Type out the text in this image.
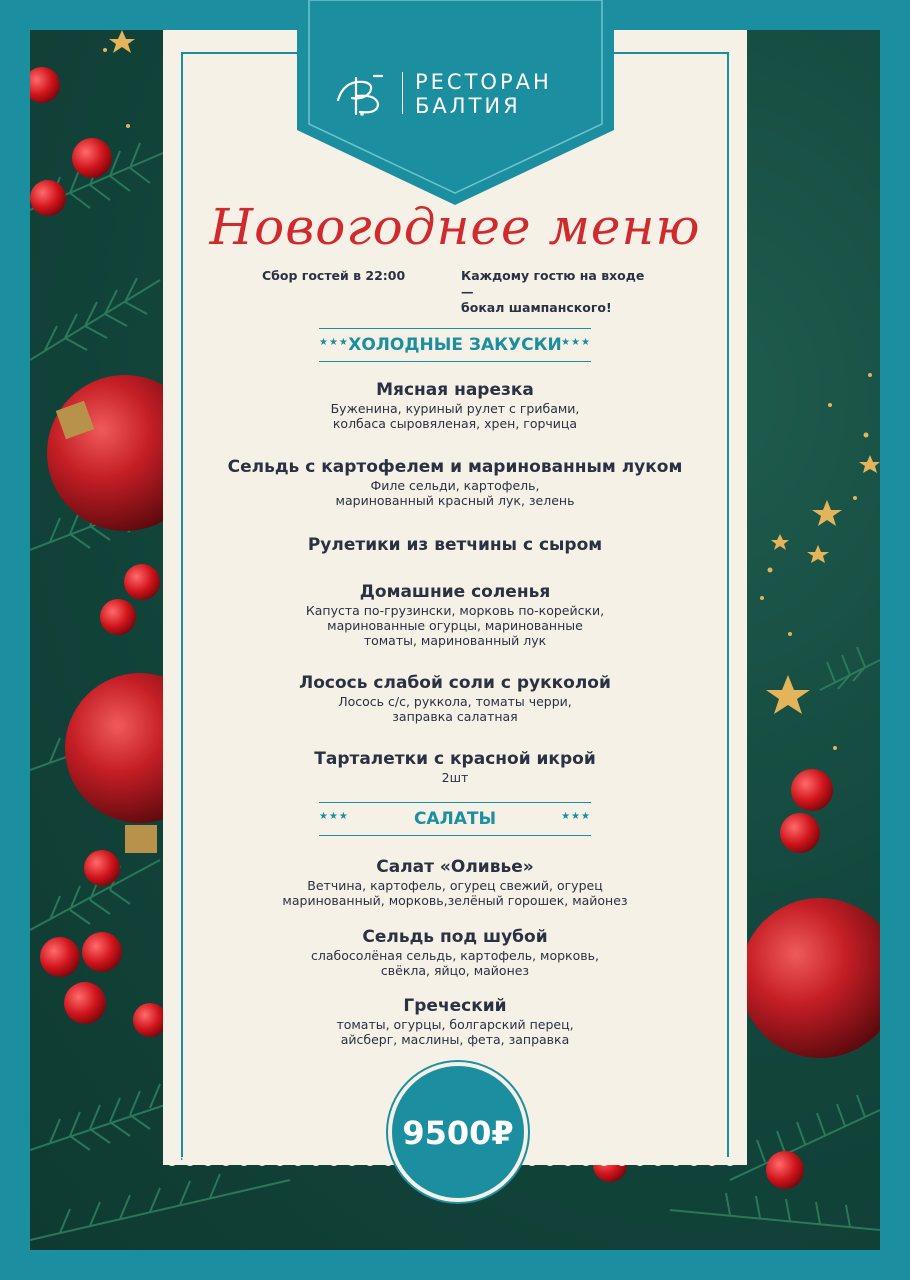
РЕСТОРАН
БАЛТИЯ
Новогоднее меню
Сбор гостей в 22:00	Каждому гостю на входе —
бокал шампанского!
★★★ ХОЛОДНЫЕ ЗАКУСКИ ★★★
Мясная нарезка
Буженина, куриный рулет с грибами,
колбаса сыровяленая, хрен, горчица
Сельдь с картофелем и маринованным луком
Филе сельди, картофель,
маринованный красный лук, зелень
Рулетики из ветчины с сыром
Домашние соленья
Капуста по-грузински, морковь по-корейски,
маринованные огурцы, маринованные
томаты, маринованный лук
Лосось слабой соли с рукколой
Лосось с/с, руккола, томаты черри,
заправка салатная
Тарталетки с красной икрой
2шт
★★★	САЛАТЫ	★★★
Салат «Оливье»
Ветчина, картофель, огурец свежий, огурец
маринованный, морковь,зелёный горошек, майонез
Сельдь под шубой
слабосолёная сельдь, картофель, морковь,
свёкла, яйцо, майонез
Греческий
томаты, огурцы, болгарский перец,
айсберг, маслины, фета, заправка
9500₽
